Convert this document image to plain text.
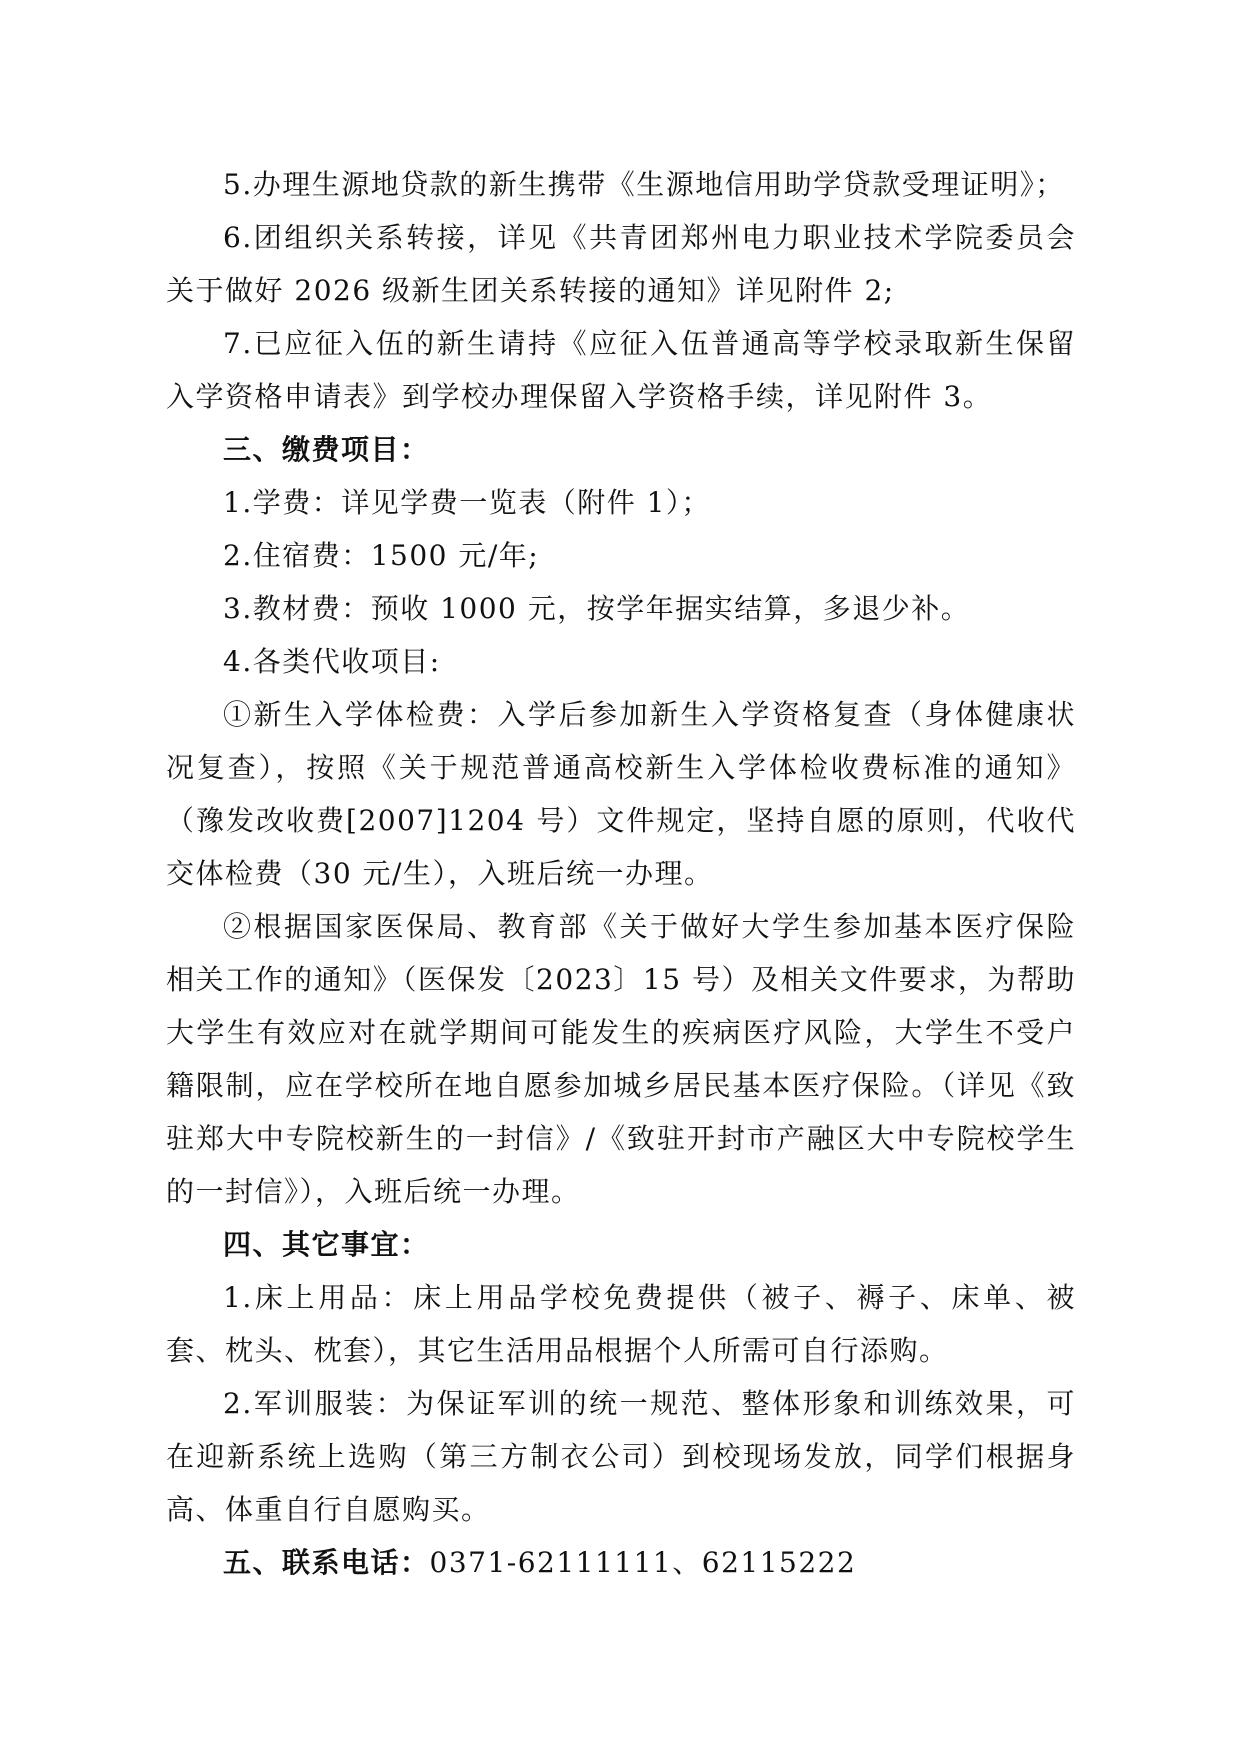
5.办理生源地贷款的新生携带《生源地信用助学贷款受理证明》；

6.团组织关系转接，详见《共青团郑州电力职业技术学院委员会关于做好 2026 级新生团关系转接的通知》详见附件 2;

7.已应征入伍的新生请持《应征入伍普通高等学校录取新生保留入学资格申请表》到学校办理保留入学资格手续，详见附件 3。

三、缴费项目：

1.学费：详见学费一览表（附件 1）；

2.住宿费：1500 元/年;

3.教材费：预收 1000 元，按学年据实结算，多退少补。

4.各类代收项目:

①新生入学体检费：入学后参加新生入学资格复查（身体健康状况复查），按照《关于规范普通高校新生入学体检收费标准的通知》（豫发改收费[2007]1204 号）文件规定，坚持自愿的原则，代收代交体检费（30 元/生），入班后统一办理。

②根据国家医保局、教育部《关于做好大学生参加基本医疗保险相关工作的通知》（医保发〔2023〕15 号）及相关文件要求，为帮助大学生有效应对在就学期间可能发生的疾病医疗风险，大学生不受户籍限制，应在学校所在地自愿参加城乡居民基本医疗保险。（详见《致驻郑大中专院校新生的一封信》/《致驻开封市产融区大中专院校学生的一封信》），入班后统一办理。

四、其它事宜：

1.床上用品：床上用品学校免费提供（被子、褥子、床单、被套、枕头、枕套），其它生活用品根据个人所需可自行添购。

2.军训服装：为保证军训的统一规范、整体形象和训练效果，可在迎新系统上选购（第三方制衣公司）到校现场发放，同学们根据身高、体重自行自愿购买。

五、联系电话：0371-62111111、62115222
